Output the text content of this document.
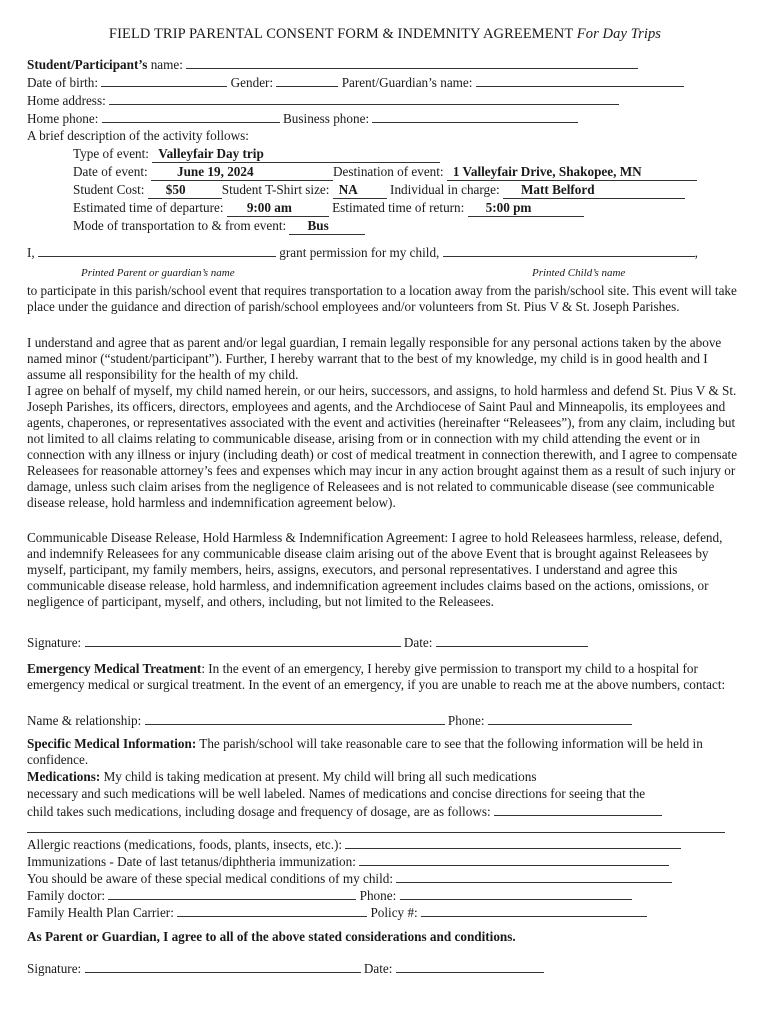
FIELD TRIP PARENTAL CONSENT FORM & INDEMNITY AGREEMENT For Day Trips
Student/Participant’s name:
Date of birth:	Gender:	Parent/Guardian’s name:
Home address:
Home phone:	Business phone:
A brief description of the activity follows:
Type of event: Valleyfair Day trip
Date of event: June 19, 2024	Destination of event: 1 Valleyfair Drive, Shakopee, MN
Student Cost: $50	Student T-Shirt size: NA Individual in charge: Matt Belford
Estimated time of departure: 9:00 am	Estimated time of return: 5:00 pm
Mode of transportation to & from event: Bus
I,	grant permission for my child,	,
Printed Parent or guardian’s name	Printed Child’s name
to participate in this parish/school event that requires transportation to a location away from the parish/school site. This event will take place under the guidance and direction of parish/school employees and/or volunteers from St. Pius V & St. Joseph Parishes.
I understand and agree that as parent and/or legal guardian, I remain legally responsible for any personal actions taken by the above named minor (“student/participant”). Further, I hereby warrant that to the best of my knowledge, my child is in good health and I assume all responsibility for the health of my child.
I agree on behalf of myself, my child named herein, or our heirs, successors, and assigns, to hold harmless and defend St. Pius V & St. Joseph Parishes, its officers, directors, employees and agents, and the Archdiocese of Saint Paul and Minneapolis, its employees and agents, chaperones, or representatives associated with the event and activities (hereinafter “Releasees”), from any claim, including but not limited to all claims relating to communicable disease, arising from or in connection with my child attending the event or in connection with any illness or injury (including death) or cost of medical treatment in connection therewith, and I agree to compensate Releasees for reasonable attorney’s fees and expenses which may incur in any action brought against them as a result of such injury or damage, unless such claim arises from the negligence of Releasees and is not related to communicable disease (see communicable disease release, hold harmless and indemnification agreement below).
Communicable Disease Release, Hold Harmless & Indemnification Agreement: I agree to hold Releasees harmless, release, defend, and indemnify Releasees for any communicable disease claim arising out of the above Event that is brought against Releasees by myself, participant, my family members, heirs, assigns, executors, and personal representatives. I understand and agree this communicable disease release, hold harmless, and indemnification agreement includes claims based on the actions, omissions, or negligence of participant, myself, and others, including, but not limited to the Releasees.
Signature:	Date:
Emergency Medical Treatment: In the event of an emergency, I hereby give permission to transport my child to a hospital for emergency medical or surgical treatment. In the event of an emergency, if you are unable to reach me at the above numbers, contact:
Name & relationship:	Phone:
Specific Medical Information: The parish/school will take reasonable care to see that the following information will be held in confidence.
Medications: My child is taking medication at present. My child will bring all such medications
necessary and such medications will be well labeled. Names of medications and concise directions for seeing that the
child takes such medications, including dosage and frequency of dosage, are as follows:
Allergic reactions (medications, foods, plants, insects, etc.):
Immunizations - Date of last tetanus/diphtheria immunization:
You should be aware of these special medical conditions of my child:
Family doctor:	Phone:
Family Health Plan Carrier:	Policy #:
As Parent or Guardian, I agree to all of the above stated considerations and conditions.
Signature:	Date:
